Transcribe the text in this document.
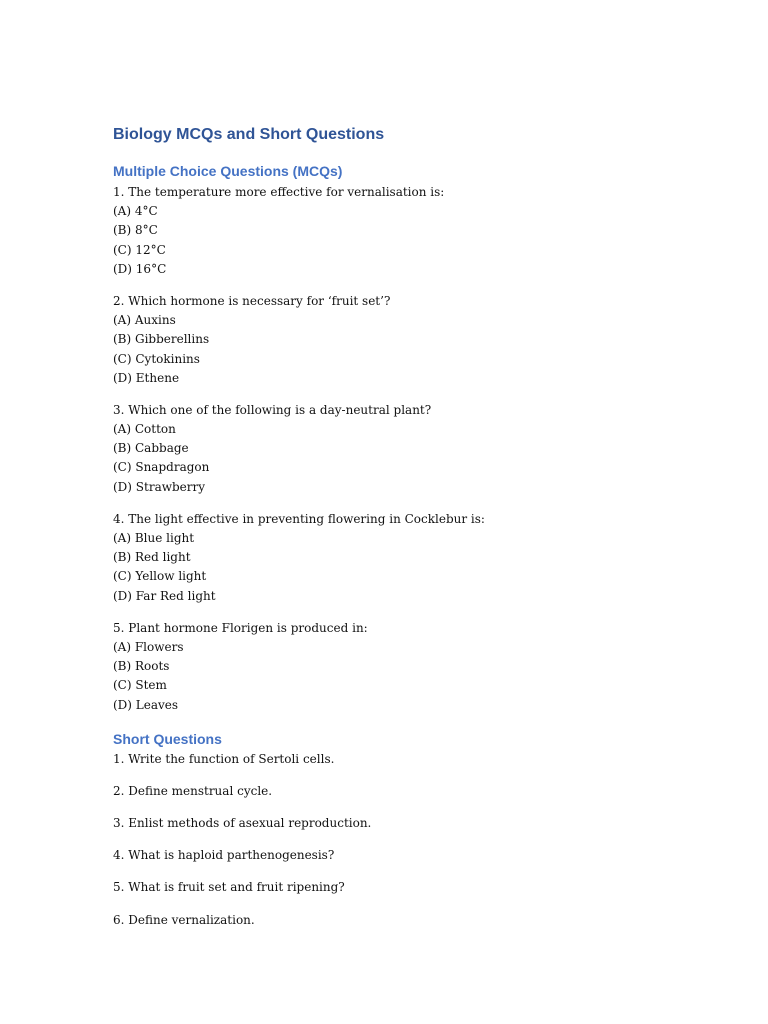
Biology MCQs and Short Questions
Multiple Choice Questions (MCQs)
1. The temperature more effective for vernalisation is:
(A) 4°C
(B) 8°C
(C) 12°C
(D) 16°C
2. Which hormone is necessary for ‘fruit set’?
(A) Auxins
(B) Gibberellins
(C) Cytokinins
(D) Ethene
3. Which one of the following is a day-neutral plant?
(A) Cotton
(B) Cabbage
(C) Snapdragon
(D) Strawberry
4. The light effective in preventing flowering in Cocklebur is:
(A) Blue light
(B) Red light
(C) Yellow light
(D) Far Red light
5. Plant hormone Florigen is produced in:
(A) Flowers
(B) Roots
(C) Stem
(D) Leaves
Short Questions
1. Write the function of Sertoli cells.
2. Define menstrual cycle.
3. Enlist methods of asexual reproduction.
4. What is haploid parthenogenesis?
5. What is fruit set and fruit ripening?
6. Define vernalization.
